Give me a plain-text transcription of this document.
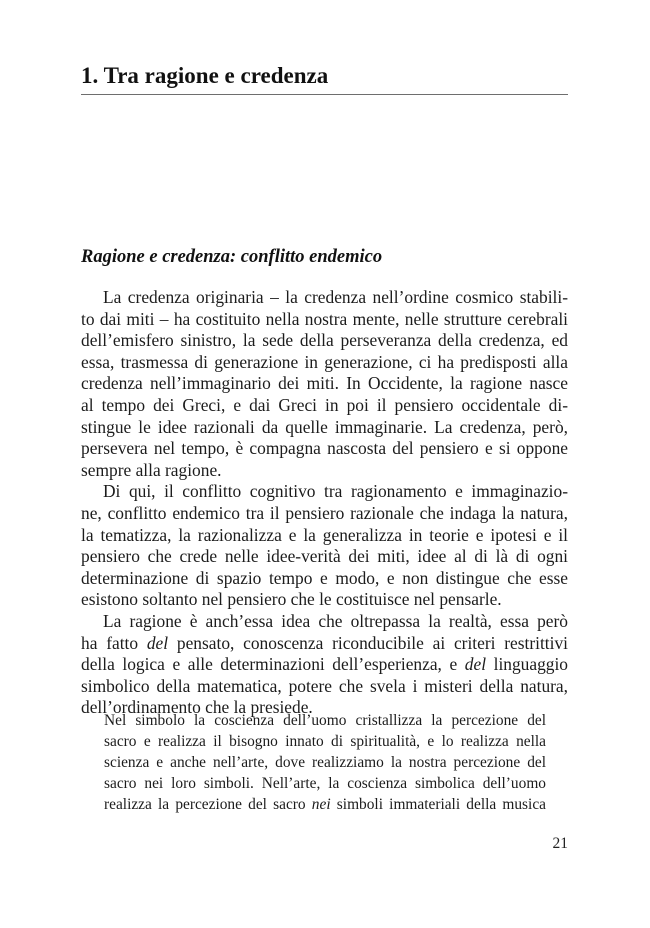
1. Tra ragione e credenza
Ragione e credenza: conflitto endemico

La credenza originaria – la credenza nell’ordine cosmico stabili-
to dai miti – ha costituito nella nostra mente, nelle strutture cerebrali
dell’emisfero sinistro, la sede della perseveranza della credenza, ed
essa, trasmessa di generazione in generazione, ci ha predisposti alla
credenza nell’immaginario dei miti. In Occidente, la ragione nasce
al tempo dei Greci, e dai Greci in poi il pensiero occidentale di-
stingue le idee razionali da quelle immaginarie. La credenza, però,
persevera nel tempo, è compagna nascosta del pensiero e si oppone
sempre alla ragione.

Di qui, il conflitto cognitivo tra ragionamento e immaginazio-
ne, conflitto endemico tra il pensiero razionale che indaga la natura,
la tematizza, la razionalizza e la generalizza in teorie e ipotesi e il
pensiero che crede nelle idee-verità dei miti, idee al di là di ogni
determinazione di spazio tempo e modo, e non distingue che esse
esistono soltanto nel pensiero che le costituisce nel pensarle.

La ragione è anch’essa idea che oltrepassa la realtà, essa però
ha fatto del pensato, conoscenza riconducibile ai criteri restrittivi
della logica e alle determinazioni dell’esperienza, e del linguaggio
simbolico della matematica, potere che svela i misteri della natura,
dell’ordinamento che la presiede.

Nel simbolo la coscienza dell’uomo cristallizza la percezione del
sacro e realizza il bisogno innato di spiritualità, e lo realizza nella
scienza e anche nell’arte, dove realizziamo la nostra percezione del
sacro nei loro simboli. Nell’arte, la coscienza simbolica dell’uomo
realizza la percezione del sacro nei simboli immateriali della musica
21
